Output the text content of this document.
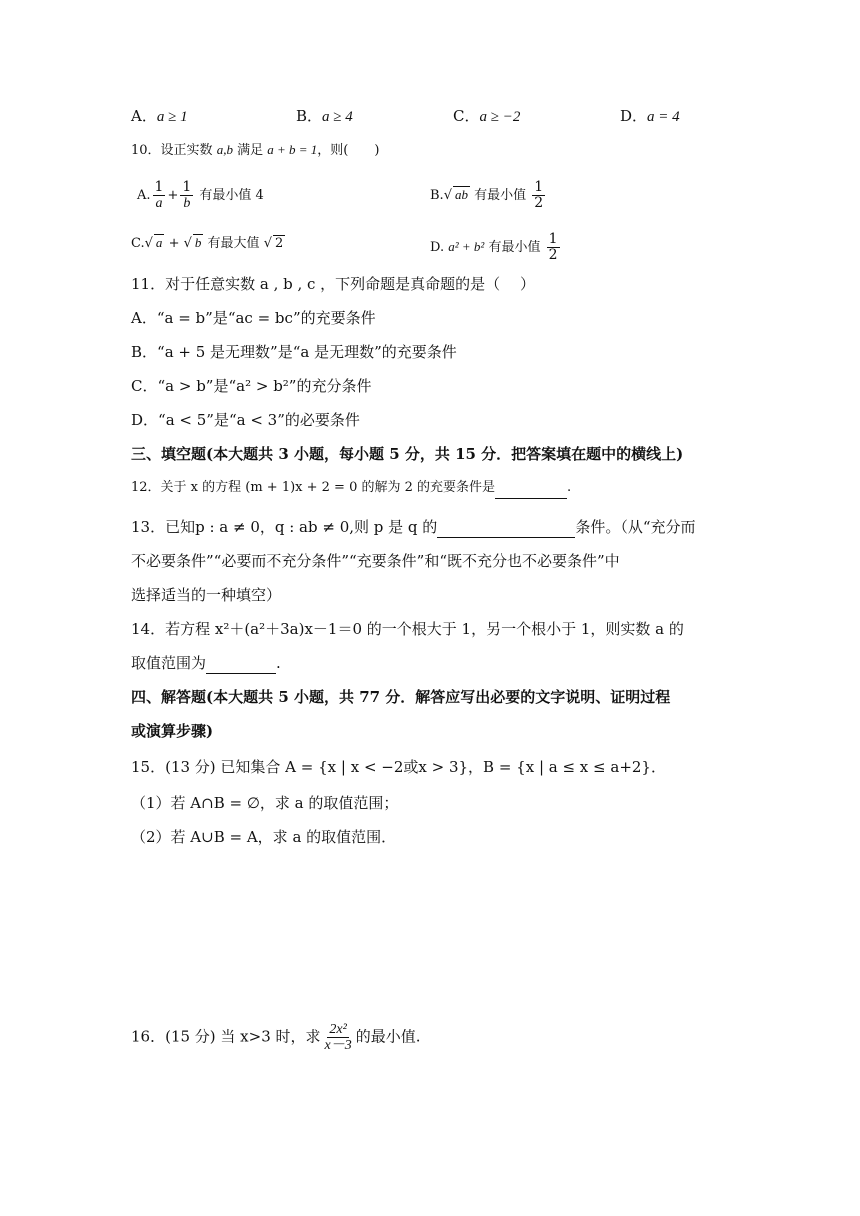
A．a ≥ 1	B．a ≥ 4	C．a ≥ −2	D．a = 4
10．设正实数 a,b 满足 a + b = 1，则(　　)
A. $\frac{1}{a} + \frac{1}{b}$ 有最小值 4	B.√ ab 有最小值 $\frac{1}{2}$
C.√ a + √ b 有最大值 √ 2	D. a² + b² 有最小值 $\frac{1}{2}$
11．对于任意实数 a , b , c ，下列命题是真命题的是（　 ）
A．“a = b”是“ac = bc”的充要条件
B．“a + 5 是无理数”是“a 是无理数”的充要条件
C．“a > b”是“a² > b²”的充分条件
D．“a < 5”是“a < 3”的必要条件
三、填空题(本大题共 3 小题，每小题 5 分，共 15 分．把答案填在题中的横线上)
12．关于 x 的方程 (m + 1)x + 2 = 0 的解为 2 的充要条件是	.
13．已知p : a ≠ 0，q : ab ≠ 0,则 p 是 q 的	条件。（从“充分而
不必要条件”“必要而不充分条件”“充要条件”和“既不充分也不必要条件”中
选择适当的一种填空）
14．若方程 x²＋(a²＋3a)x－1＝0 的一个根大于 1，另一个根小于 1，则实数 a 的
取值范围为	.
四、解答题(本大题共 5 小题，共 77 分．解答应写出必要的文字说明、证明过程
或演算步骤)
15．(13 分) 已知集合 A = {x | x < −2或x > 3}，B = {x | a ≤ x ≤ a+2}．
（1）若 A∩B = ∅，求 a 的取值范围；
（2）若 A∪B = A，求 a 的取值范围．
16．(15 分) 当 x>3 时，求 $\frac{\text{2x²}}{x-3}$ 的最小值.
